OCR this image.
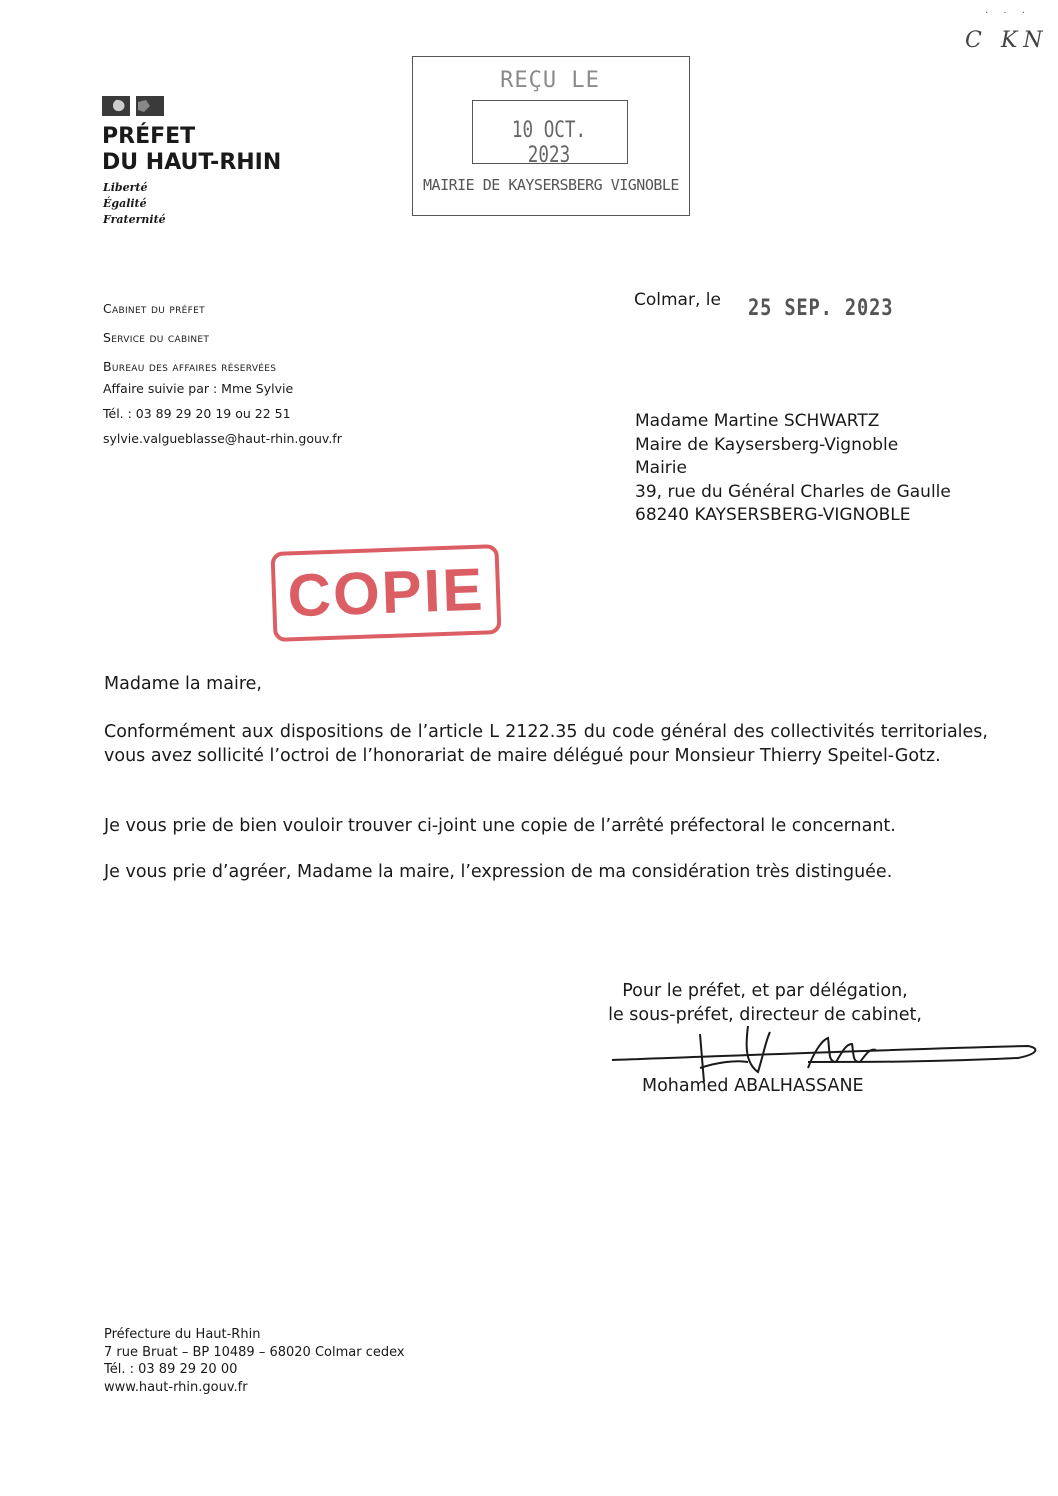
· · ·
C KN
PRÉFET
DU HAUT-RHIN
Liberté
Égalité
Fraternité
REÇU LE
10 OCT. 2023
MAIRIE DE KAYSERSBERG VIGNOBLE
Cabinet du préfet
Service du cabinet
Bureau des affaires réservées
Affaire suivie par : Mme Sylvie
Tél. : 03 89 29 20 19 ou 22 51
sylvie.valgueblasse@haut-rhin.gouv.fr
Colmar, le 25 SEP. 2023
Madame Martine SCHWARTZ
Maire de Kaysersberg-Vignoble
Mairie
39, rue du Général Charles de Gaulle
68240 KAYSERSBERG-VIGNOBLE
COPIE
Madame la maire,
Conformément aux dispositions de l’article L 2122.35 du code général des collectivités territoriales, vous avez sollicité l’octroi de l’honorariat de maire délégué pour Monsieur Thierry Speitel-Gotz.
Je vous prie de bien vouloir trouver ci-joint une copie de l’arrêté préfectoral le concernant.
Je vous prie d’agréer, Madame la maire, l’expression de ma considération très distinguée.
Pour le préfet, et par délégation,
le sous-préfet, directeur de cabinet,
Mohamed ABALHASSANE
Préfecture du Haut-Rhin
7 rue Bruat – BP 10489 – 68020 Colmar cedex
Tél. : 03 89 29 20 00
www.haut-rhin.gouv.fr
